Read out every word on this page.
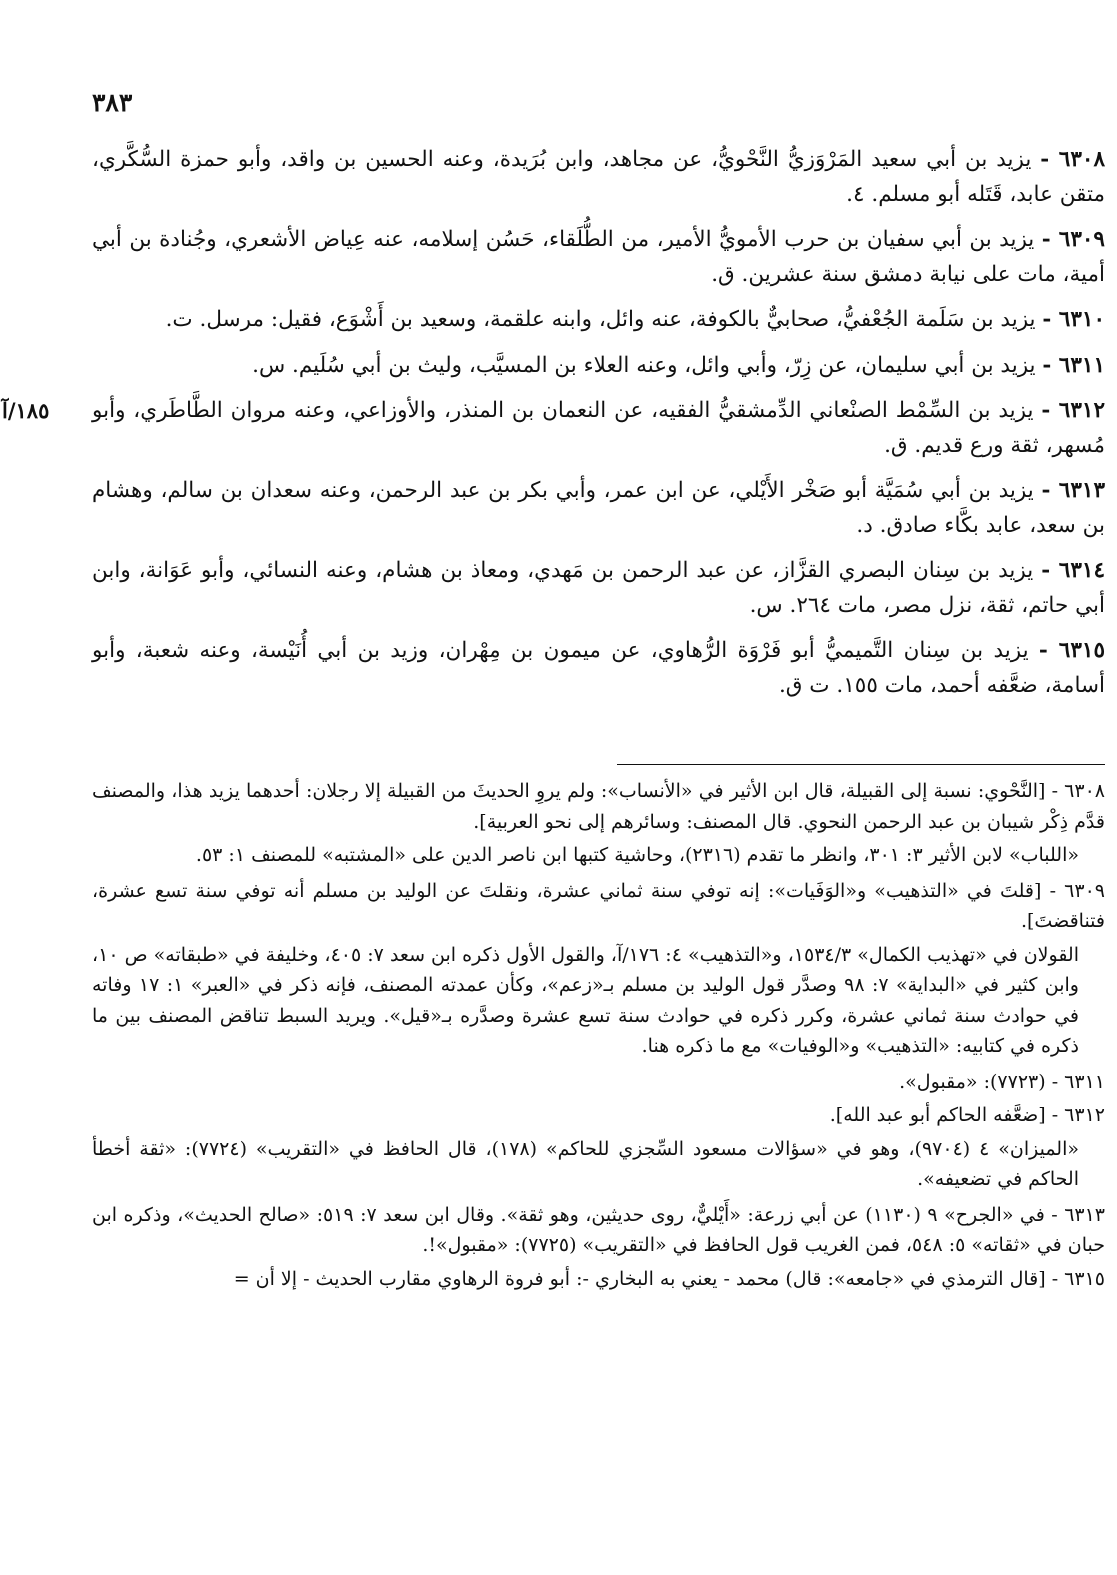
٣٨٣

٦٣٠٨ - يزيد بن أبي سعيد المَرْوَزيُّ النَّحْويُّ، عن مجاهد، وابن بُرَيدة، وعنه الحسين بن واقد، وأبو حمزة السُّكَّري، متقن عابد، قَتَله أبو مسلم. ٤.

٦٣٠٩ - يزيد بن أبي سفيان بن حرب الأمويُّ الأمير، من الطُّلَقاء، حَسُن إسلامه، عنه عِياض الأشعري، وجُنادة بن أبي أمية، مات على نيابة دمشق سنة عشرين. ق.

٦٣١٠ - يزيد بن سَلَمة الجُعْفيُّ، صحابيٌّ بالكوفة، عنه وائل، وابنه علقمة، وسعيد بن أَشْوَع، فقيل: مرسل. ت.

٦٣١١ - يزيد بن أبي سليمان، عن زِرّ، وأبي وائل، وعنه العلاء بن المسيَّب، وليث بن أبي سُلَيم. س.

١٨٥/آ	٦٣١٢ - يزيد بن السِّمْط الصنْعاني الدِّمشقيُّ الفقيه، عن النعمان بن المنذر، والأوزاعي، وعنه مروان الطَّاطَري، وأبو مُسهر، ثقة ورع قديم. ق.

٦٣١٣ - يزيد بن أبي سُمَيَّة أبو صَخْر الأَيْلي، عن ابن عمر، وأبي بكر بن عبد الرحمن، وعنه سعدان بن سالم، وهشام بن سعد، عابد بكَّاء صادق. د.

٦٣١٤ - يزيد بن سِنان البصري القزَّاز، عن عبد الرحمن بن مَهدي، ومعاذ بن هشام، وعنه النسائي، وأبو عَوَانة، وابن أبي حاتم، ثقة، نزل مصر، مات ٢٦٤. س.

٦٣١٥ - يزيد بن سِنان التَّميميُّ أبو فَرْوَة الرُّهاوي، عن ميمون بن مِهْران، وزيد بن أبي أُنَيْسة، وعنه شعبة، وأبو أسامة، ضعَّفه أحمد، مات ١٥٥. ت ق.

٦٣٠٨ - [النَّحْوي: نسبة إلى القبيلة، قال ابن الأثير في «الأنساب»: ولم يروِ الحديثَ من القبيلة إلا رجلان: أحدهما يزيد هذا، والمصنف قدَّم ذِكْر شيبان بن عبد الرحمن النحوي. قال المصنف: وسائرهم إلى نحو العربية].

«اللباب» لابن الأثير ٣: ٣٠١، وانظر ما تقدم (٢٣١٦)، وحاشية كتبها ابن ناصر الدين على «المشتبه» للمصنف ١: ٥٣.

٦٣٠٩ - [قلتَ في «التذهيب» و«الوَفَيات»: إنه توفي سنة ثماني عشرة، ونقلتَ عن الوليد بن مسلم أنه توفي سنة تسع عشرة، فتناقضتَ].

القولان في «تهذيب الكمال» ١٥٣٤/٣، و«التذهيب» ٤: ١٧٦/آ، والقول الأول ذكره ابن سعد ٧: ٤٠٥، وخليفة في «طبقاته» ص ١٠، وابن كثير في «البداية» ٧: ٩٨ وصدَّر قول الوليد بن مسلم بـ«زعم»، وكأن عمدته المصنف، فإنه ذكر في «العبر» ١: ١٧ وفاته في حوادث سنة ثماني عشرة، وكرر ذكره في حوادث سنة تسع عشرة وصدَّره بـ«قيل». ويريد السبط تناقض المصنف بين ما ذكره في كتابيه: «التذهيب» و«الوفيات» مع ما ذكره هنا.

٦٣١١ - (٧٧٢٣): «مقبول».

٦٣١٢ - [ضعَّفه الحاكم أبو عبد الله].

«الميزان» ٤ (٩٧٠٤)، وهو في «سؤالات مسعود السِّجزي للحاكم» (١٧٨)، قال الحافظ في «التقريب» (٧٧٢٤): «ثقة أخطأ الحاكم في تضعيفه».

٦٣١٣ - في «الجرح» ٩ (١١٣٠) عن أبي زرعة: «أَيْليٌّ، روى حديثين، وهو ثقة». وقال ابن سعد ٧: ٥١٩: «صالح الحديث»، وذكره ابن حبان في «ثقاته» ٥: ٥٤٨، فمن الغريب قول الحافظ في «التقريب» (٧٧٢٥): «مقبول»!.

٦٣١٥ - [قال الترمذي في «جامعه»: قال) محمد - يعني به البخاري -: أبو فروة الرهاوي مقارب الحديث - إلا أن =
